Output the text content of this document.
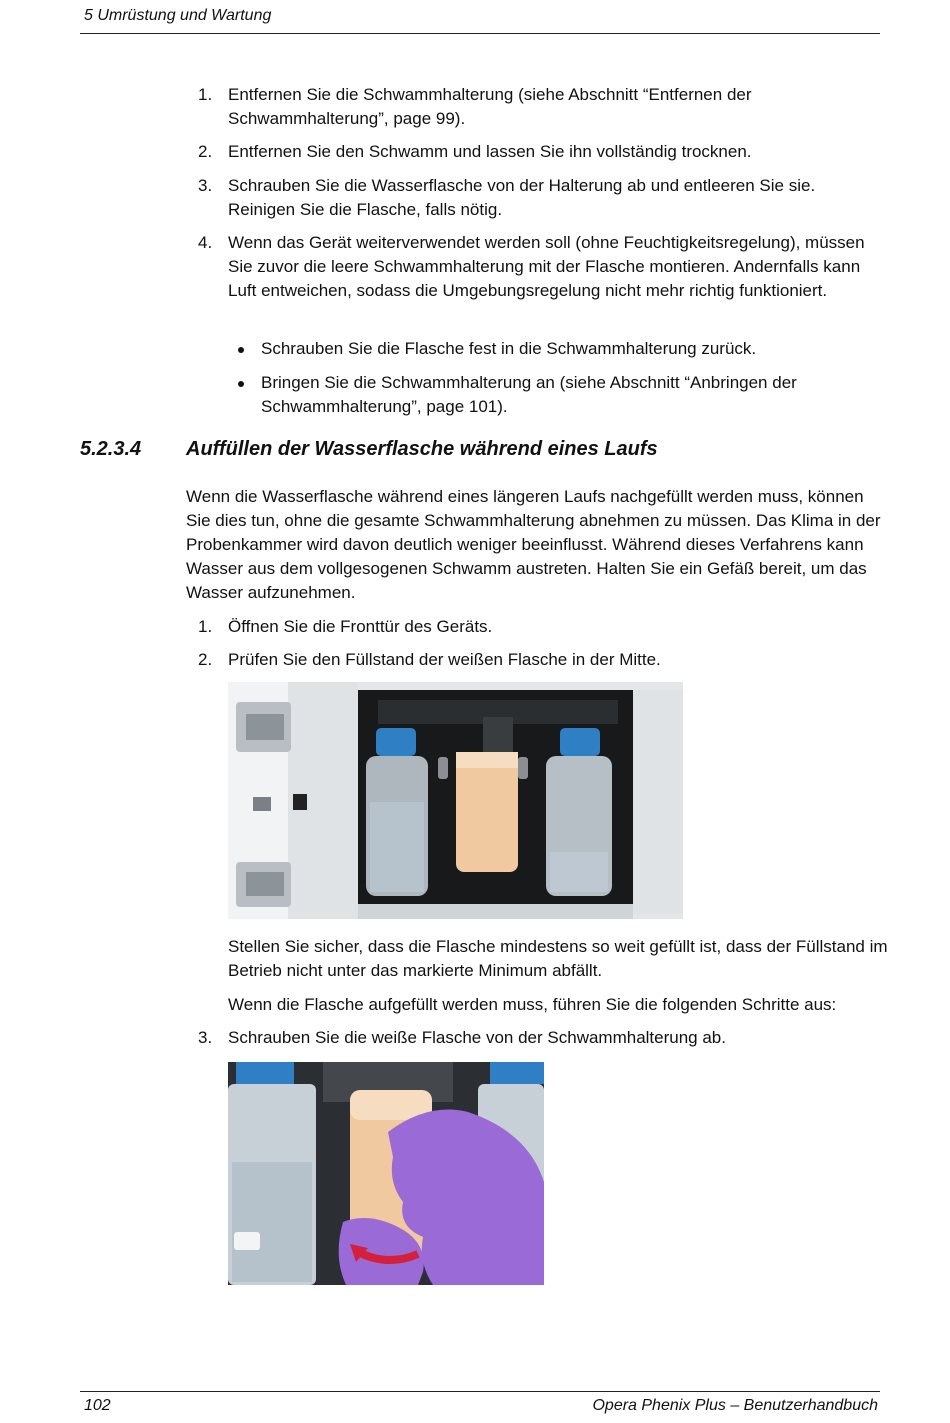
5 Umrüstung und Wartung
1. Entfernen Sie die Schwammhalterung (siehe Abschnitt “Entfernen der Schwammhalterung”, page 99).
2. Entfernen Sie den Schwamm und lassen Sie ihn vollständig trocknen.
3. Schrauben Sie die Wasserflasche von der Halterung ab und entleeren Sie sie. Reinigen Sie die Flasche, falls nötig.
4. Wenn das Gerät weiterverwendet werden soll (ohne Feuchtigkeitsregelung), müssen Sie zuvor die leere Schwammhalterung mit der Flasche montieren. Andernfalls kann Luft entweichen, sodass die Umgebungsregelung nicht mehr richtig funktioniert.
Schrauben Sie die Flasche fest in die Schwammhalterung zurück.
Bringen Sie die Schwammhalterung an (siehe Abschnitt “Anbringen der Schwammhalterung”, page 101).
5.2.3.4 Auffüllen der Wasserflasche während eines Laufs
Wenn die Wasserflasche während eines längeren Laufs nachgefüllt werden muss, können Sie dies tun, ohne die gesamte Schwammhalterung abnehmen zu müssen. Das Klima in der Probenkammer wird davon deutlich weniger beeinflusst. Während dieses Verfahrens kann Wasser aus dem vollgesogenen Schwamm austreten. Halten Sie ein Gefäß bereit, um das Wasser aufzunehmen.
1. Öffnen Sie die Fronttür des Geräts.
2. Prüfen Sie den Füllstand der weißen Flasche in der Mitte.
Stellen Sie sicher, dass die Flasche mindestens so weit gefüllt ist, dass der Füllstand im Betrieb nicht unter das markierte Minimum abfällt.
Wenn die Flasche aufgefüllt werden muss, führen Sie die folgenden Schritte aus:
3. Schrauben Sie die weiße Flasche von der Schwammhalterung ab.
102	Opera Phenix Plus – Benutzerhandbuch
